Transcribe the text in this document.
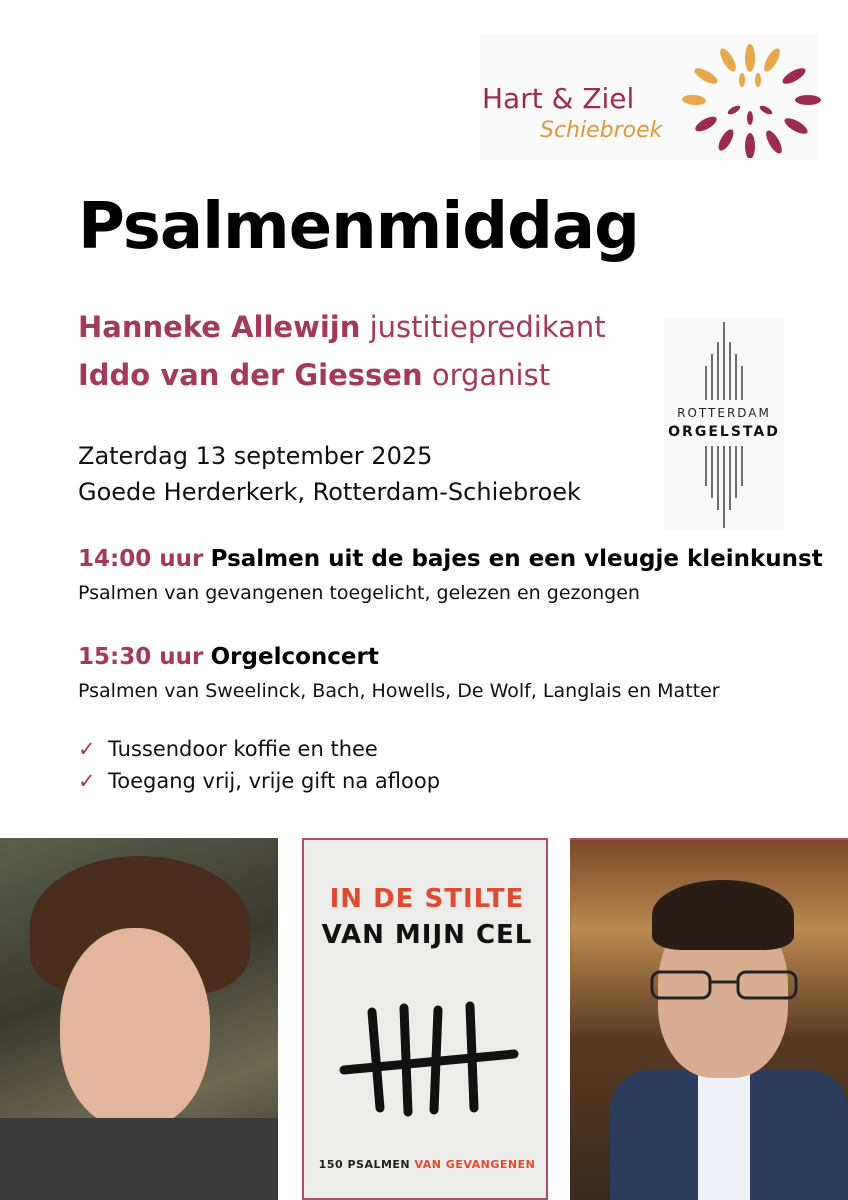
Hart & Ziel
Schiebroek
Psalmenmiddag
Hanneke Allewijn justitiepredikant
Iddo van der Giessen organist
ROTTERDAM
ORGELSTAD
Zaterdag 13 september 2025
Goede Herderkerk, Rotterdam-Schiebroek
14:00 uur Psalmen uit de bajes en een vleugje kleinkunst
Psalmen van gevangenen toegelicht, gelezen en gezongen
15:30 uur Orgelconcert
Psalmen van Sweelinck, Bach, Howells, De Wolf, Langlais en Matter
✓ Tussendoor koffie en thee
✓ Toegang vrij, vrije gift na afloop
IN DE STILTE
VAN MIJN CEL
150 PSALMEN VAN GEVANGENEN
